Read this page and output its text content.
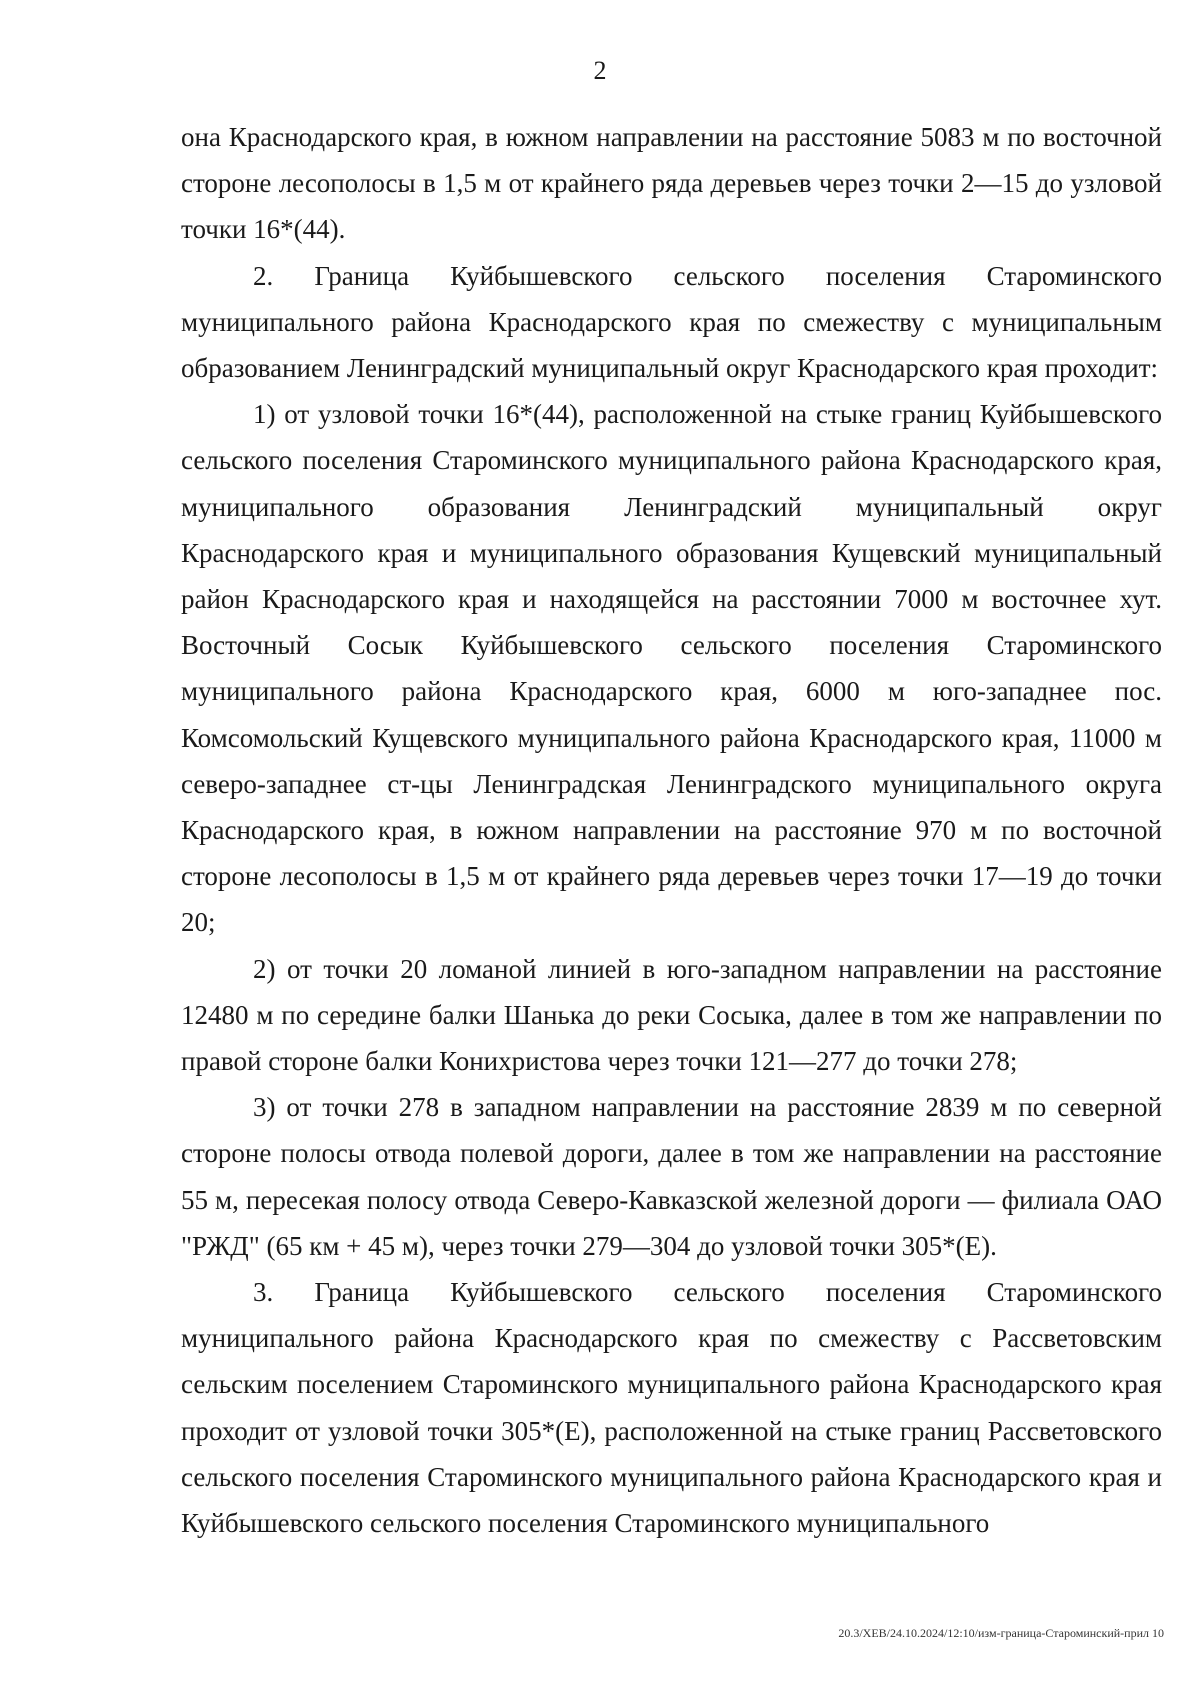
2

она Краснодарского края, в южном направлении на расстояние 5083 м по восточной стороне лесополосы в 1,5 м от крайнего ряда деревьев через точки 2—15 до узловой точки 16*(44).

2. Граница Куйбышевского сельского поселения Староминского муниципального района Краснодарского края по смежеству с муниципальным образованием Ленинградский муниципальный округ Краснодарского края проходит:

1) от узловой точки 16*(44), расположенной на стыке границ Куйбышевского сельского поселения Староминского муниципального района Краснодарского края, муниципального образования Ленинградский муниципальный округ Краснодарского края и муниципального образования Кущевский муниципальный район Краснодарского края и находящейся на расстоянии 7000 м восточнее хут. Восточный Сосык Куйбышевского сельского поселения Староминского муниципального района Краснодарского края, 6000 м юго-западнее пос. Комсомольский Кущевского муниципального района Краснодарского края, 11000 м северо-западнее ст-цы Ленинградская Ленинградского муниципального округа Краснодарского края, в южном направлении на расстояние 970 м по восточной стороне лесополосы в 1,5 м от крайнего ряда деревьев через точки 17—19 до точки 20;

2) от точки 20 ломаной линией в юго-западном направлении на расстояние 12480 м по середине балки Шанька до реки Сосыка, далее в том же направлении по правой стороне балки Конихристова через точки 121—277 до точки 278;

3) от точки 278 в западном направлении на расстояние 2839 м по северной стороне полосы отвода полевой дороги, далее в том же направлении на расстояние 55 м, пересекая полосу отвода Северо-Кавказской железной дороги — филиала ОАО "РЖД" (65 км + 45 м), через точки 279—304 до узловой точки 305*(Е).

3. Граница Куйбышевского сельского поселения Староминского муниципального района Краснодарского края по смежеству с Рассветовским сельским поселением Староминского муниципального района Краснодарского края проходит от узловой точки 305*(Е), расположенной на стыке границ Рассветовского сельского поселения Староминского муниципального района Краснодарского края и Куйбышевского сельского поселения Староминского муниципального

20.3/ХЕВ/24.10.2024/12:10/изм-граница-Староминский-прил 10
